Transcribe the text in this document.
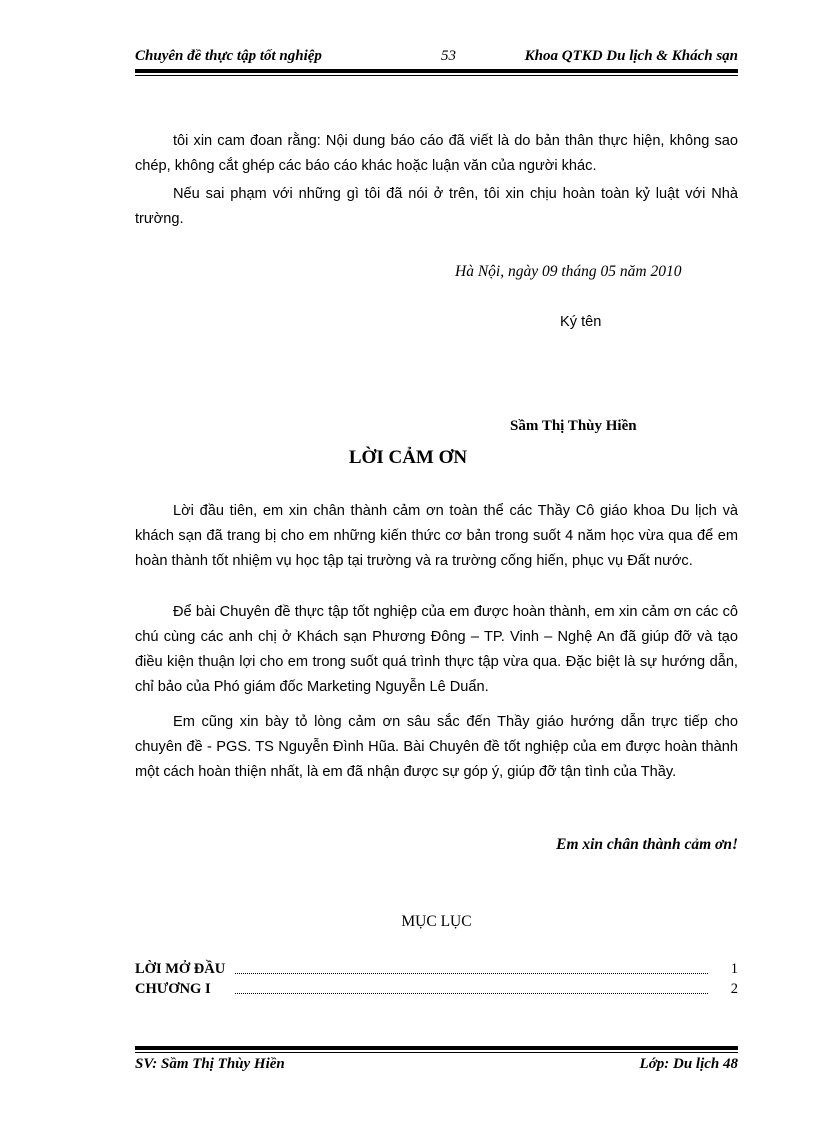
Chuyên đề thực tập tốt nghiệp	53	Khoa QTKD Du lịch & Khách sạn
tôi xin cam đoan rằng: Nội dung báo cáo đã viết là do bản thân thực hiện, không sao chép, không cắt ghép các báo cáo khác hoặc luận văn của người khác.
Nếu sai phạm với những gì tôi đã nói ở trên, tôi xin chịu hoàn toàn kỷ luật với Nhà trường.
Hà Nội, ngày 09 tháng 05 năm 2010
Ký tên
Sầm Thị Thùy Hiền
LỜI CẢM ƠN
Lời đầu tiên, em xin chân thành cảm ơn toàn thể các Thầy Cô giáo khoa Du lịch và khách sạn đã trang bị cho em những kiến thức cơ bản trong suốt 4 năm học vừa qua để em hoàn thành tốt nhiệm vụ học tập tại trường và ra trường cống hiến, phục vụ Đất nước.
Để bài Chuyên đề thực tập tốt nghiệp của em được hoàn thành, em xin cảm ơn các cô chú cùng các anh chị ở Khách sạn Phương Đông – TP. Vinh – Nghệ An đã giúp đỡ và tạo điều kiện thuận lợi cho em trong suốt quá trình thực tập vừa qua. Đặc biệt là sự hướng dẫn, chỉ bảo của Phó giám đốc Marketing Nguyễn Lê Duẩn.
Em cũng xin bày tỏ lòng cảm ơn sâu sắc đến Thầy giáo hướng dẫn trực tiếp cho chuyên đề - PGS. TS Nguyễn Đình Hũa. Bài Chuyên đề tốt nghiệp của em được hoàn thành một cách hoàn thiện nhất, là em đã nhận được sự góp ý, giúp đỡ tận tình của Thầy.
Em xin chân thành cảm ơn!
MỤC LỤC
LỜI MỞ ĐẦU	1
CHƯƠNG I	2
SV: Sầm Thị Thùy Hiền	Lớp: Du lịch 48
